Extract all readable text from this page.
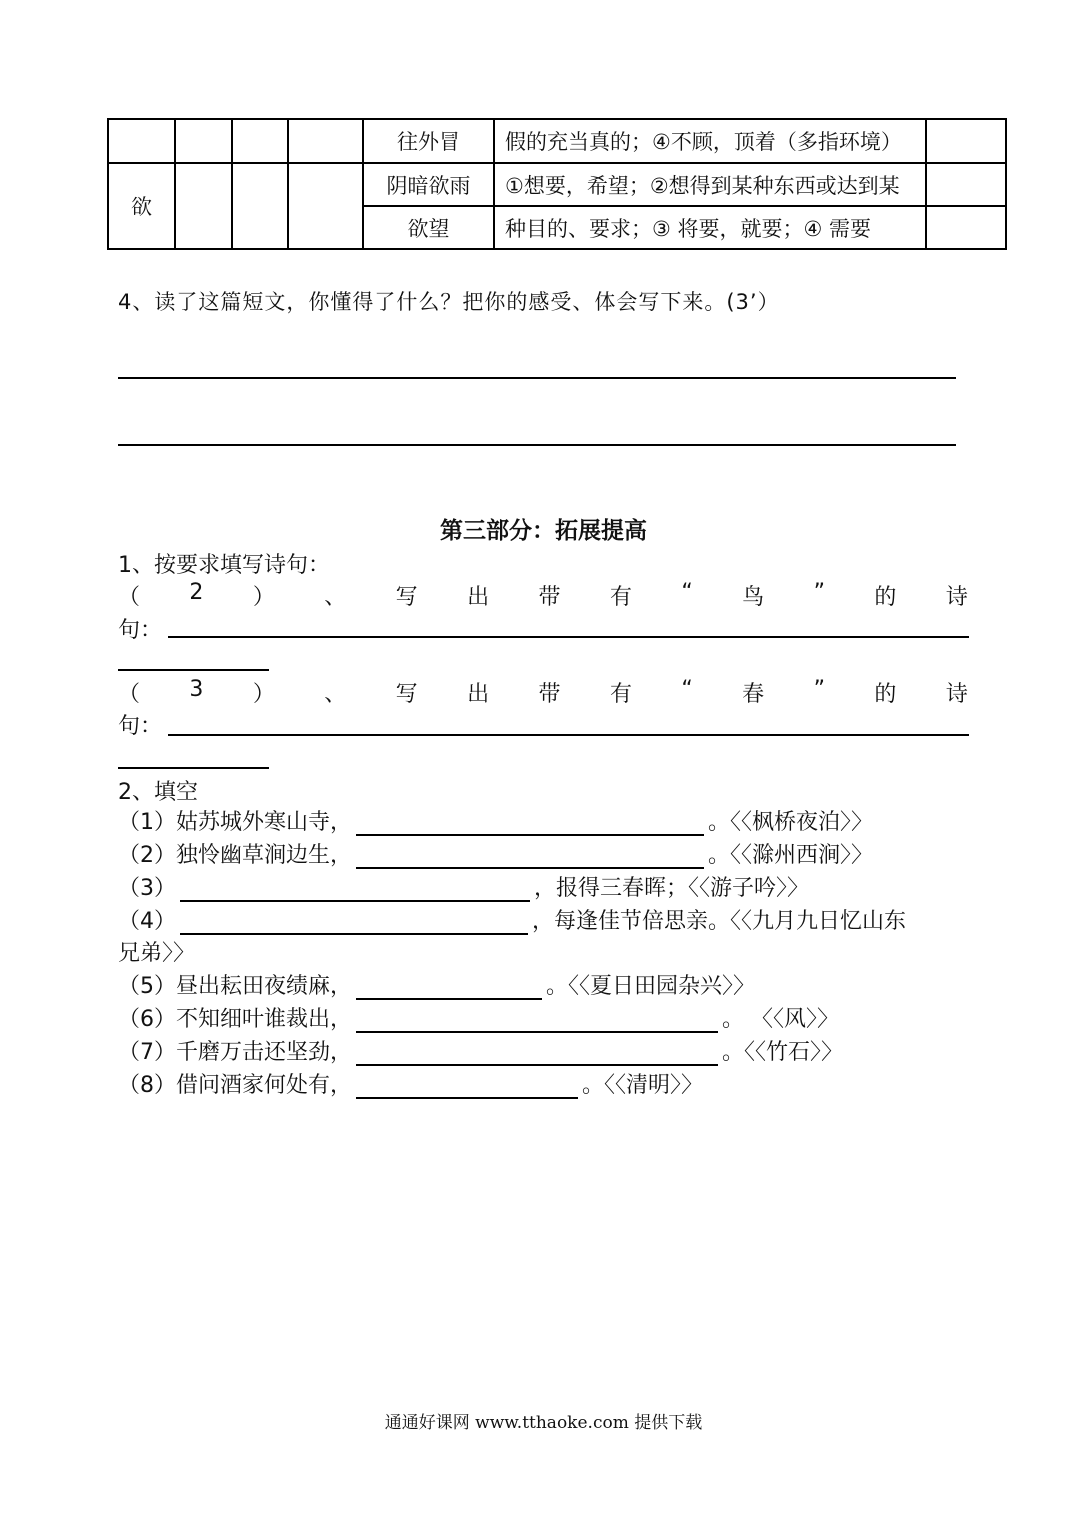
				往外冒	假的充当真的；④不顾，顶着（多指环境）	
欲				阴暗欲雨	①想要，希望；②想得到某种东西或达到某	
				欲望	种目的、要求；③ 将要，就要；④ 需要	
4、读了这篇短文，你懂得了什么？把你的感受、体会写下来。(3’）
第三部分：拓展提高
1、按要求填写诗句：
（ 2 ） 、 写 出 带 有 “ 鸟 ” 的 诗
句：
（ 3 ） 、 写 出 带 有 “ 春 ” 的 诗
句：
2、填空
（1）姑苏城外寒山寺，	。〈〈枫桥夜泊〉〉
（2）独怜幽草涧边生，	。〈〈滁州西涧〉〉
（3）	，报得三春晖；〈〈游子吟〉〉
（4）	，每逢佳节倍思亲。〈〈九月九日忆山东
兄弟〉〉
（5）昼出耘田夜绩麻，	。〈〈夏日田园杂兴〉〉
（6）不知细叶谁裁出，	。 〈〈风〉〉
（7）千磨万击还坚劲，	。〈〈竹石〉〉
（8）借问酒家何处有，	。〈〈清明〉〉
通通好课网 www.tthaoke.com 提供下载
